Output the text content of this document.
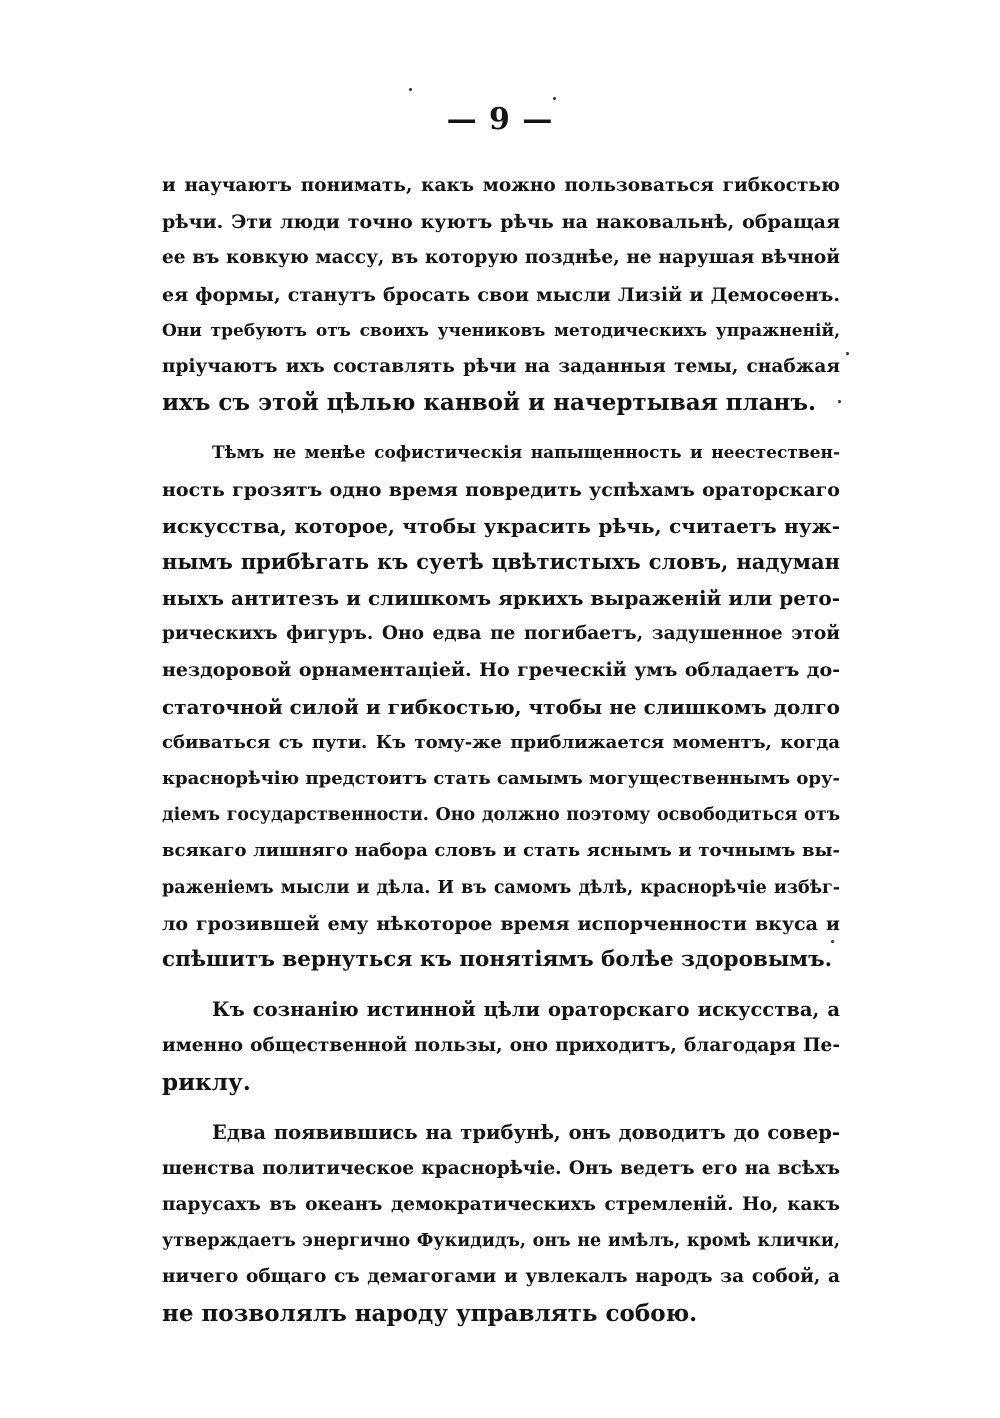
— 9 —
и научаютъ понимать, какъ можно пользоваться гибкостью
рѣчи. Эти люди точно куютъ рѣчь на наковальнѣ, обращая
ее въ ковкую массу, въ которую позднѣе, не нарушая вѣчной
ея формы, станутъ бросать свои мысли Лизій и Демосѳенъ.
Они требуютъ отъ своихъ учениковъ методическихъ упражненій,
пріучаютъ ихъ составлять рѣчи на заданныя темы, снабжая
ихъ съ этой цѣлью канвой и начертывая планъ.
Тѣмъ не менѣе софистическія напыщенность и неестествен-
ность грозятъ одно время повредить успѣхамъ ораторскаго
искусства, которое, чтобы украсить рѣчь, считаетъ нуж-
нымъ прибѣгать къ суетѣ цвѣтистыхъ словъ, надуман
ныхъ антитезъ и слишкомъ яркихъ выраженій или рето-
рическихъ фигуръ. Оно едва пе погибаетъ, задушенное этой
нездоровой орнаментаціей. Но греческій умъ обладаетъ до-
статочной силой и гибкостью, чтобы не слишкомъ долго
сбиваться съ пути. Къ тому-же приближается моментъ, когда
краснорѣчію предстоитъ стать самымъ могущественнымъ ору-
діемъ государственности. Оно должно поэтому освободиться отъ
всякаго лишняго набора словъ и стать яснымъ и точнымъ вы-
раженіемъ мысли и дѣла. И въ самомъ дѣлѣ, краснорѣчіе избѣг-
ло грозившей ему нѣкоторое время испорченности вкуса и
спѣшитъ вернуться къ понятіямъ болѣе здоровымъ.
Къ сознанію истинной цѣли ораторскаго искусства, а
именно общественной пользы, оно приходитъ, благодаря Пе-
риклу.
Едва появившись на трибунѣ, онъ доводитъ до совер-
шенства политическое краснорѣчіе. Онъ ведетъ его на всѣхъ
парусахъ въ океанъ демократическихъ стремленій. Но, какъ
утверждаетъ энергично Фукидидъ, онъ не имѣлъ, кромѣ клички,
ничего общаго съ демагогами и увлекалъ народъ за собой, а
не позволялъ народу управлять собою.
